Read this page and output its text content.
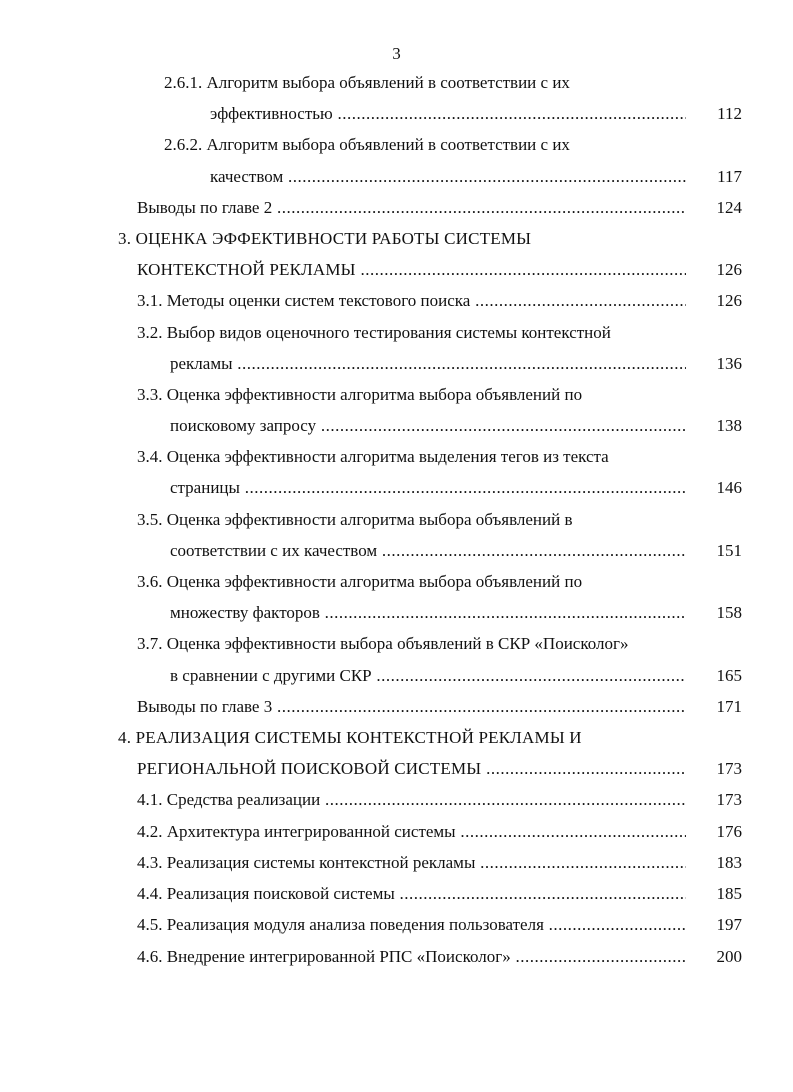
3
2.6.1. Алгоритм выбора объявлений в соответствии с их
эффективностью .....	112
2.6.2. Алгоритм выбора объявлений в соответствии с их
качеством .....	117
Выводы по главе 2 .....	124
3. ОЦЕНКА ЭФФЕКТИВНОСТИ РАБОТЫ СИСТЕМЫ
КОНТЕКСТНОЙ РЕКЛАМЫ .....	126
3.1. Методы оценки систем текстового поиска .....	126
3.2. Выбор видов оценочного тестирования системы контекстной
рекламы .....	136
3.3. Оценка эффективности алгоритма выбора объявлений по
поисковому запросу .....	138
3.4. Оценка эффективности алгоритма выделения тегов из текста
страницы .....	146
3.5. Оценка эффективности алгоритма выбора объявлений в
соответствии с их качеством .....	151
3.6. Оценка эффективности алгоритма выбора объявлений по
множеству факторов .....	158
3.7. Оценка эффективности выбора объявлений в СКР «Поисколог»
в сравнении с другими СКР .....	165
Выводы по главе 3 .....	171
4. РЕАЛИЗАЦИЯ СИСТЕМЫ КОНТЕКСТНОЙ РЕКЛАМЫ И
РЕГИОНАЛЬНОЙ ПОИСКОВОЙ СИСТЕМЫ .....	173
4.1. Средства реализации .....	173
4.2. Архитектура интегрированной системы .....	176
4.3. Реализация системы контекстной рекламы .....	183
4.4. Реализация поисковой системы .....	185
4.5. Реализация модуля анализа поведения пользователя .....	197
4.6. Внедрение интегрированной РПС «Поисколог» .....	200
